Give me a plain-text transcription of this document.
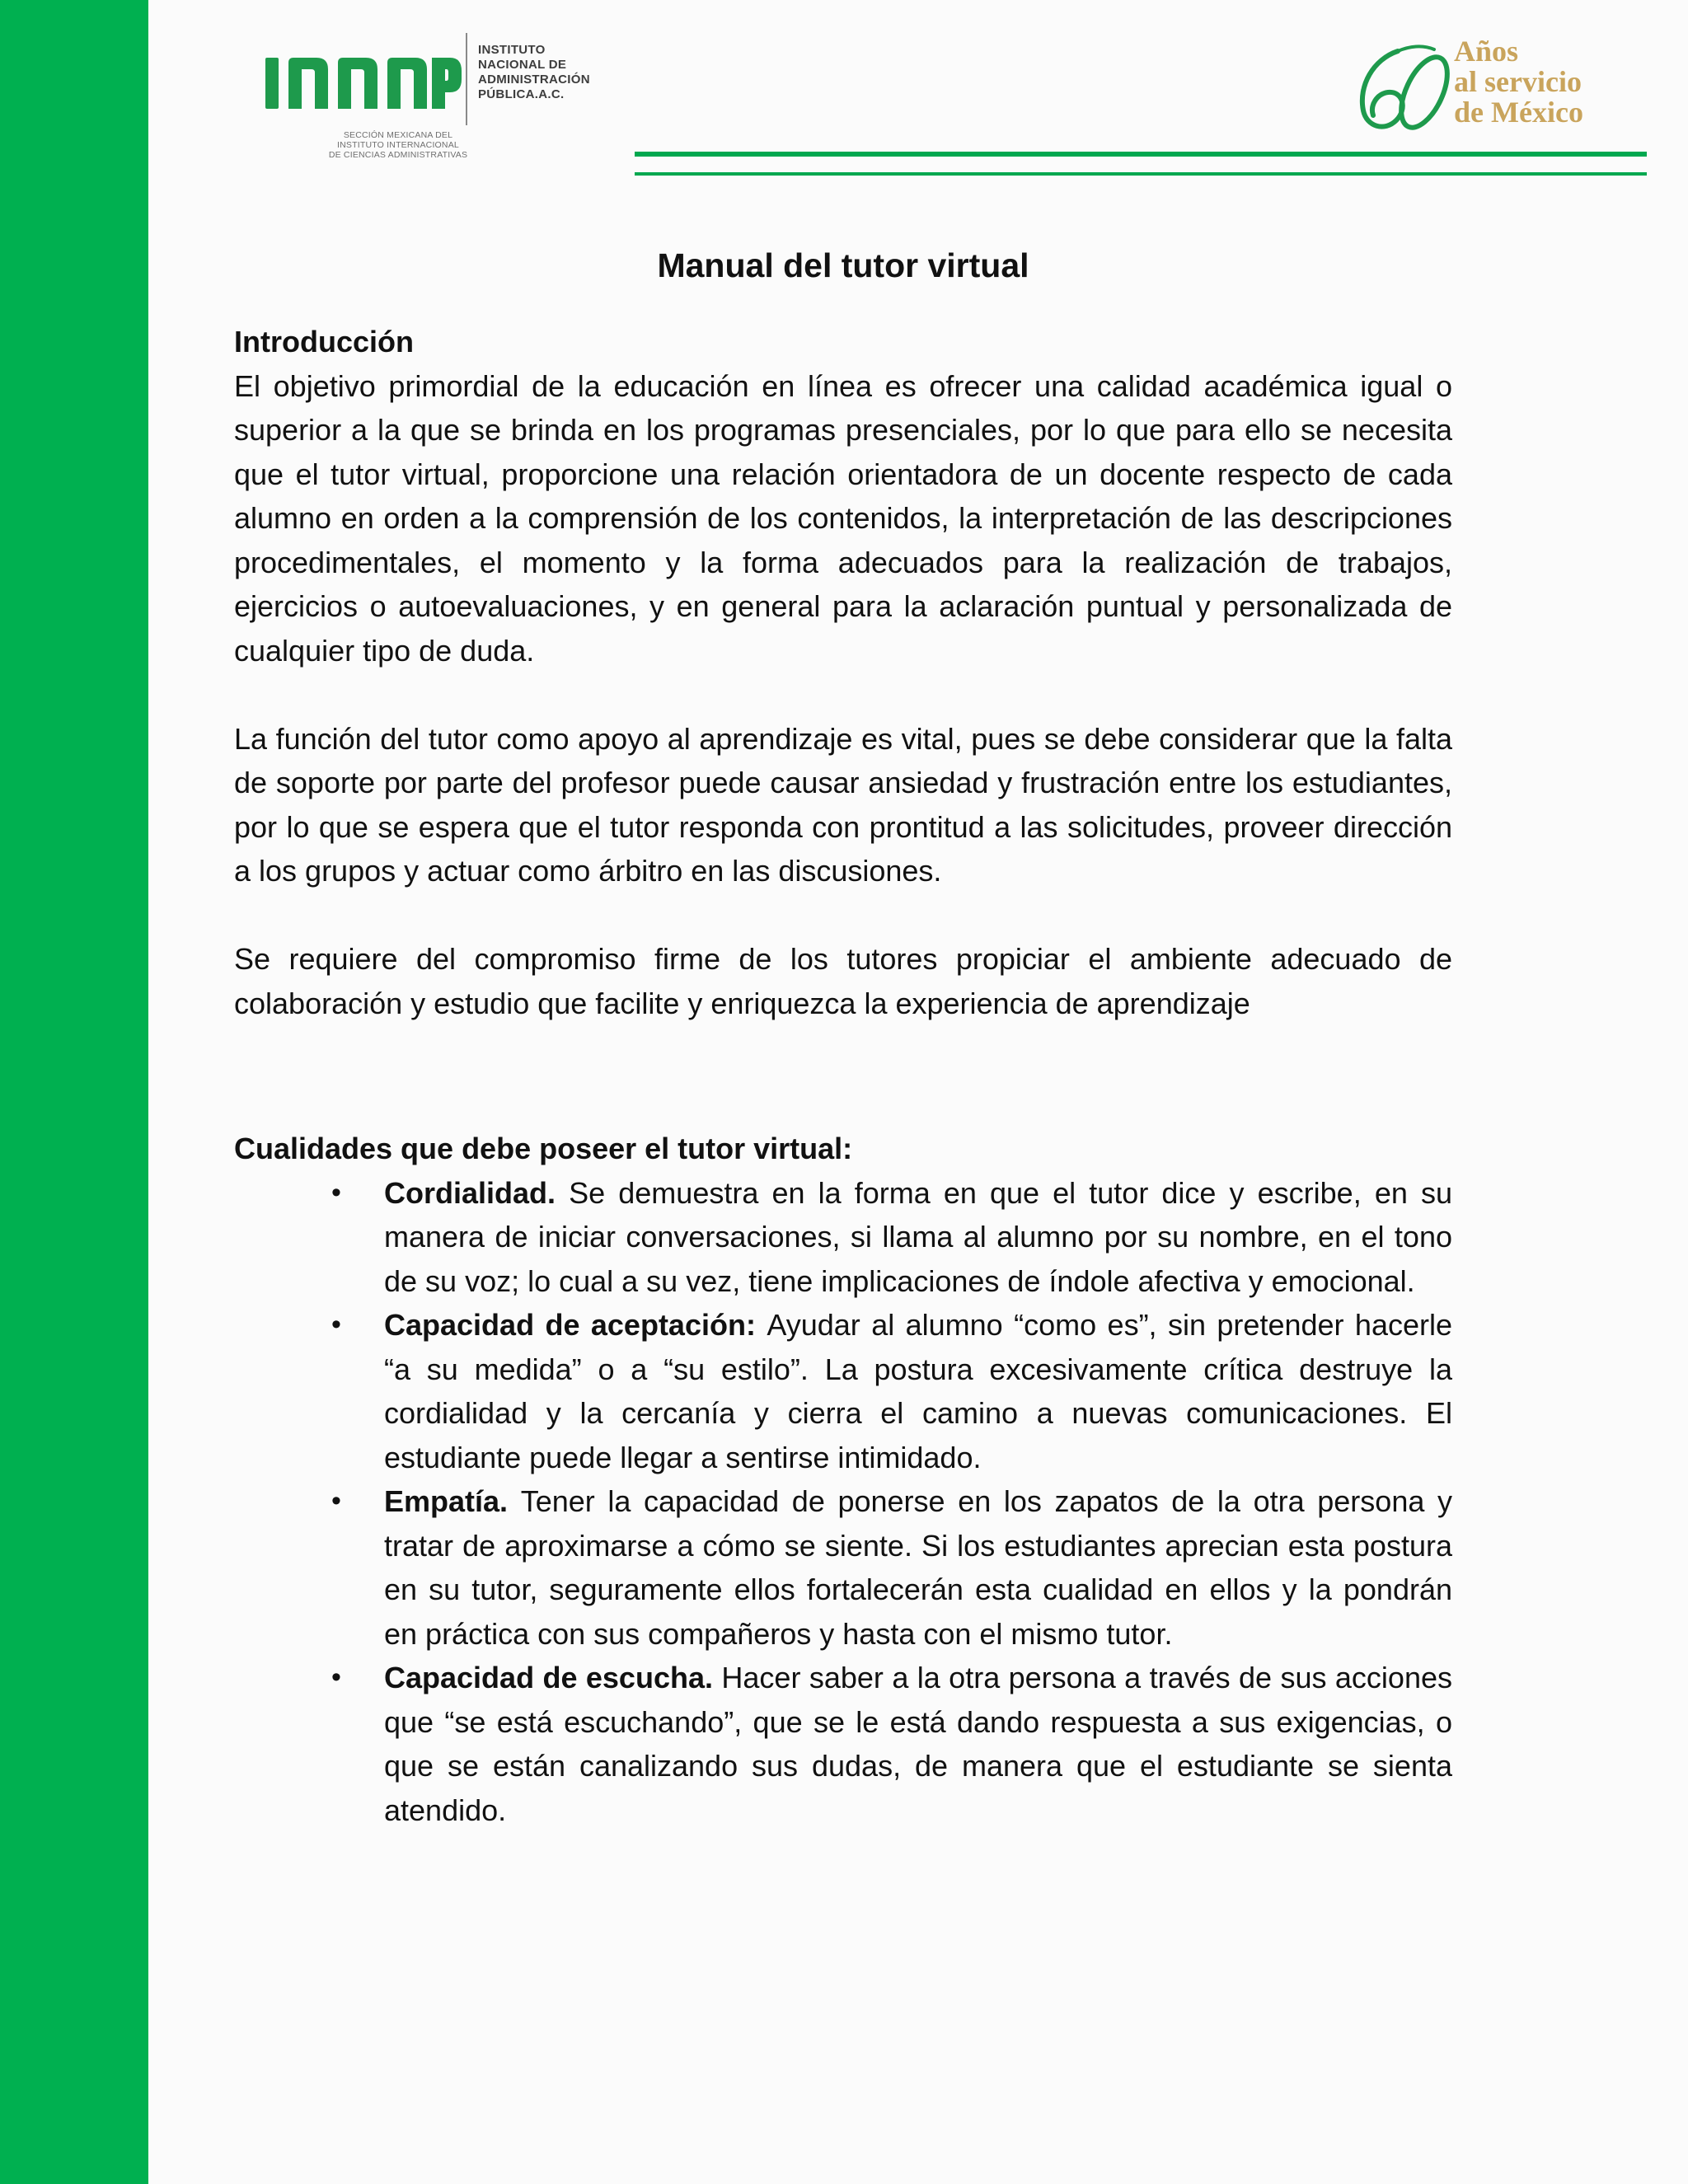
INSTITUTO
NACIONAL DE
ADMINISTRACIÓN
PÚBLICA.A.C.
SECCIÓN MEXICANA DEL
INSTITUTO INTERNACIONAL
DE CIENCIAS ADMINISTRATIVAS
Años
al servicio
de México
Manual del tutor virtual
Introducción

El objetivo primordial de la educación en línea es ofrecer una calidad académica igual o superior a la que se brinda en los programas presenciales, por lo que para ello se necesita que el tutor virtual, proporcione una relación orientadora de un docente respecto de cada alumno en orden a la comprensión de los contenidos, la interpretación de las descripciones procedimentales, el momento y la forma adecuados para la realización de trabajos, ejercicios o autoevaluaciones, y en general para la aclaración puntual y personalizada de cualquier tipo de duda.

La función del tutor como apoyo al aprendizaje es vital, pues se debe considerar que la falta de soporte por parte del profesor puede causar ansiedad y frustración entre los estudiantes, por lo que se espera que el tutor responda con prontitud a las solicitudes, proveer dirección a los grupos y actuar como árbitro en las discusiones.

Se requiere del compromiso firme de los tutores propiciar el ambiente adecuado de colaboración y estudio que facilite y enriquezca la experiencia de aprendizaje

Cualidades que debe poseer el tutor virtual:
• Cordialidad. Se demuestra en la forma en que el tutor dice y escribe, en su manera de iniciar conversaciones, si llama al alumno por su nombre, en el tono de su voz; lo cual a su vez, tiene implicaciones de índole afectiva y emocional.
• Capacidad de aceptación: Ayudar al alumno “como es”, sin pretender hacerle “a su medida” o a “su estilo”. La postura excesivamente crítica destruye la cordialidad y la cercanía y cierra el camino a nuevas comunicaciones. El estudiante puede llegar a sentirse intimidado.
• Empatía. Tener la capacidad de ponerse en los zapatos de la otra persona y tratar de aproximarse a cómo se siente. Si los estudiantes aprecian esta postura en su tutor, seguramente ellos fortalecerán esta cualidad en ellos y la pondrán en práctica con sus compañeros y hasta con el mismo tutor.
• Capacidad de escucha. Hacer saber a la otra persona a través de sus acciones que “se está escuchando”, que se le está dando respuesta a sus exigencias, o que se están canalizando sus dudas, de manera que el estudiante se sienta atendido.
